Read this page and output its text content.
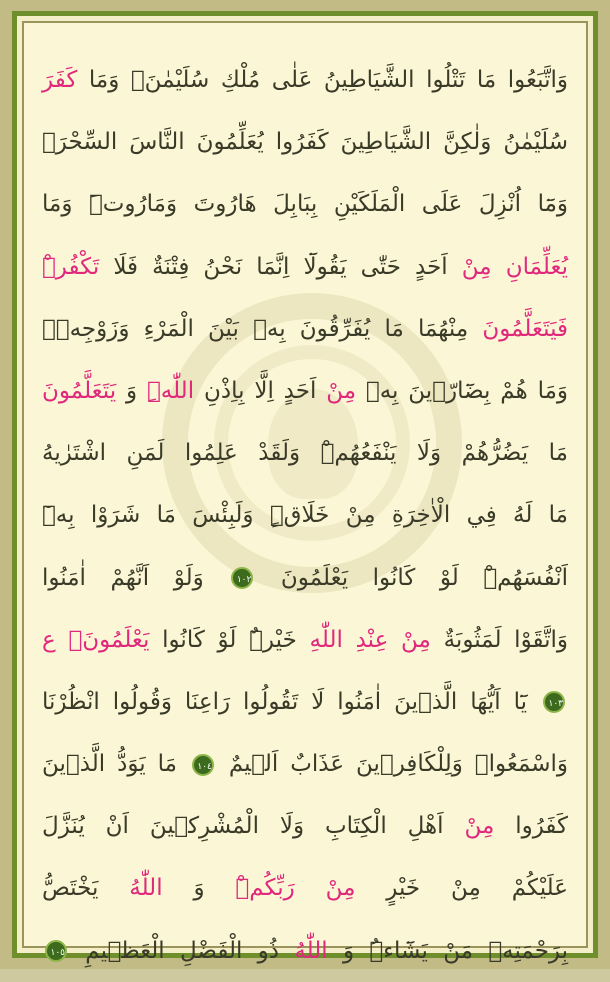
وَاتَّبَعُوا مَا تَتْلُوا الشَّيَاطِينُ عَلٰى مُلْكِ سُلَيْمٰنَۚ وَمَا كَفَرَ
سُلَيْمٰنُ وَلٰكِنَّ الشَّيَاطِينَ كَفَرُوا يُعَلِّمُونَ النَّاسَ السِّحْرَۗ
وَمَٓا اُنْزِلَ عَلَى الْمَلَكَيْنِ بِبَابِلَ هَارُوتَ وَمَارُوتَۜ وَمَا
يُعَلِّمَانِ مِنْ اَحَدٍ حَتّٰى يَقُولَٓا اِنَّمَا نَحْنُ فِتْنَةٌ فَلَا تَكْفُرْۜ
فَيَتَعَلَّمُونَ مِنْهُمَا مَا يُفَرِّقُونَ بِه۪ بَيْنَ الْمَرْءِ وَزَوْجِه۪ۜ
وَمَا هُمْ بِضَٓارّ۪ينَ بِه۪ مِنْ اَحَدٍ اِلَّا بِاِذْنِ اللّٰهِۜ وَ يَتَعَلَّمُونَ
مَا يَضُرُّهُمْ وَلَا يَنْفَعُهُمْۜ وَلَقَدْ عَلِمُوا لَمَنِ اشْتَرٰيهُ
مَا لَهُ فِي الْاٰخِرَةِ مِنْ خَلَاقٍۜ وَلَبِئْسَ مَا شَرَوْا بِه۪ٓ
اَنْفُسَهُمْۜ لَوْ كَانُوا يَعْلَمُونَ ١٠٢ وَلَوْ اَنَّهُمْ اٰمَنُوا
وَاتَّقَوْا لَمَثُوبَةٌ مِنْ عِنْدِ اللّٰهِ خَيْرٌۜ لَوْ كَانُوا يَعْلَمُونَ۟ ع
١٠٣ يَٓا اَيُّهَا الَّذ۪ينَ اٰمَنُوا لَا تَقُولُوا رَاعِنَا وَقُولُوا انْظُرْنَا
وَاسْمَعُواۜ وَلِلْكَافِر۪ينَ عَذَابٌ اَل۪يمٌ ١٠٤ مَا يَوَدُّ الَّذ۪ينَ
كَفَرُوا مِنْ اَهْلِ الْكِتَابِ وَلَا الْمُشْرِك۪ينَ اَنْ يُنَزَّلَ
عَلَيْكُمْ مِنْ خَيْرٍ مِنْ رَبِّكُمْۜ وَ اللّٰهُ يَخْتَصُّ
بِرَحْمَتِه۪ مَنْ يَشَٓاءُۜ وَ اللّٰهُ ذُو الْفَضْلِ الْعَظ۪يمِ ١٠٥
